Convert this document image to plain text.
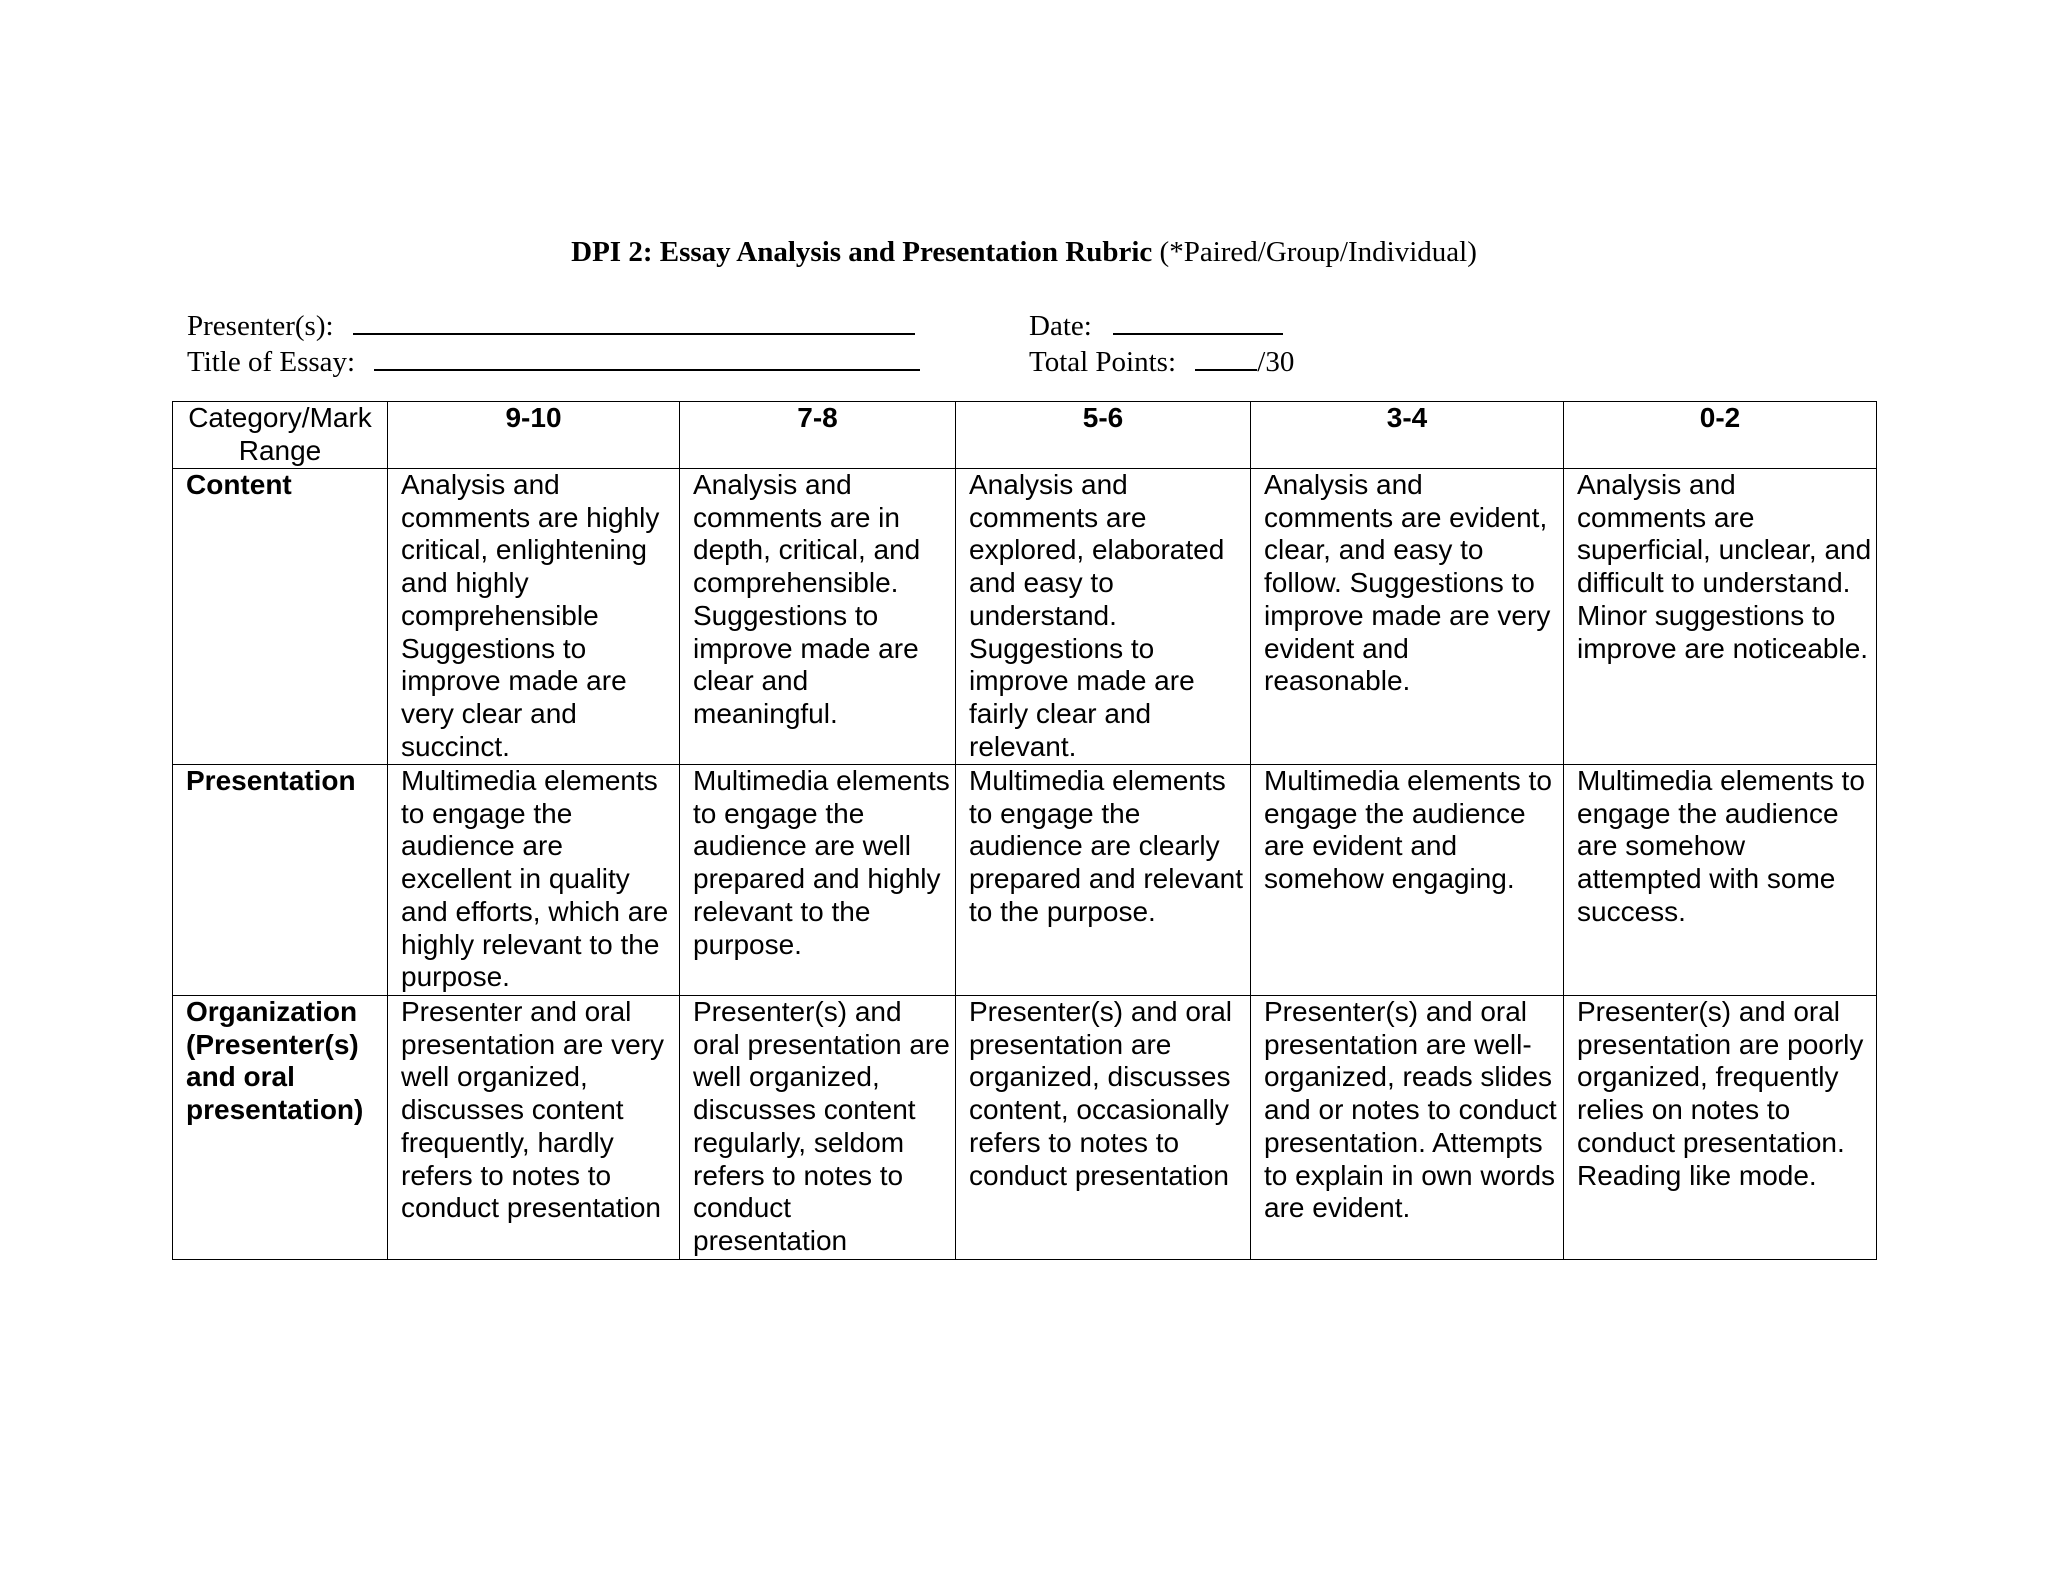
DPI 2: Essay Analysis and Presentation Rubric (*Paired/Group/Individual)
Presenter(s):
Title of Essay:
Date:
Total Points:	/30
Category/Mark Range	9-10	7-8	5-6	3-4	0-2
Content	Analysis and comments are highly critical, enlightening and highly comprehensible Suggestions to improve made are very clear and succinct.	Analysis and comments are in depth, critical, and comprehensible. Suggestions to improve made are clear and meaningful.	Analysis and comments are explored, elaborated and easy to understand. Suggestions to improve made are fairly clear and relevant.	Analysis and comments are evident, clear, and easy to follow. Suggestions to improve made are very evident and reasonable.	Analysis and comments are superficial, unclear, and difficult to understand. Minor suggestions to improve are noticeable.
Presentation	Multimedia elements to engage the audience are excellent in quality and efforts, which are highly relevant to the purpose.	Multimedia elements to engage the audience are well prepared and highly relevant to the purpose.	Multimedia elements to engage the audience are clearly prepared and relevant to the purpose.	Multimedia elements to engage the audience are evident and somehow engaging.	Multimedia elements to engage the audience are somehow attempted with some success.
Organization (Presenter(s) and oral presentation)	Presenter and oral presentation are very well organized, discusses content frequently, hardly refers to notes to conduct presentation	Presenter(s) and oral presentation are well organized, discusses content regularly, seldom refers to notes to conduct presentation	Presenter(s) and oral presentation are organized, discusses content, occasionally refers to notes to conduct presentation	Presenter(s) and oral presentation are well-organized, reads slides and or notes to conduct presentation. Attempts to explain in own words are evident.	Presenter(s) and oral presentation are poorly organized, frequently relies on notes to conduct presentation. Reading like mode.
